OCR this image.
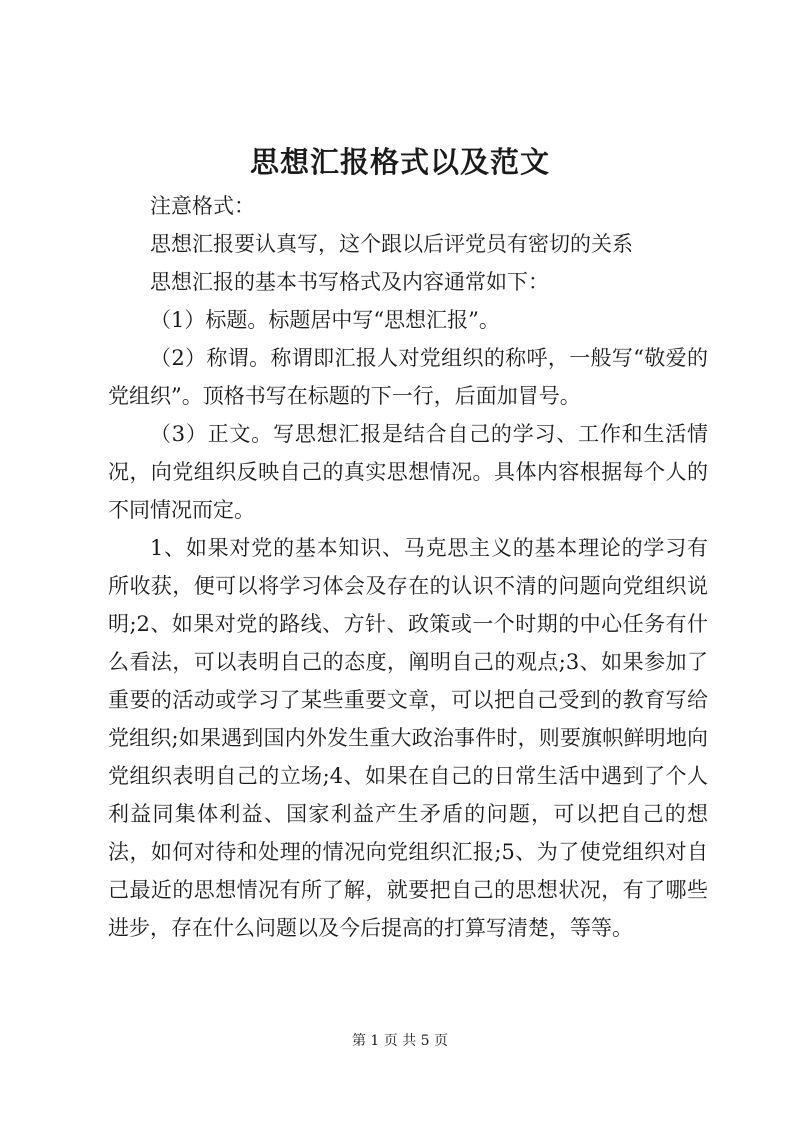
思想汇报格式以及范文

注意格式：

思想汇报要认真写，这个跟以后评党员有密切的关系

思想汇报的基本书写格式及内容通常如下：

（1）标题。标题居中写“思想汇报”。

（2）称谓。称谓即汇报人对党组织的称呼，一般写“敬爱的党组织”。顶格书写在标题的下一行，后面加冒号。

（3）正文。写思想汇报是结合自己的学习、工作和生活情况，向党组织反映自己的真实思想情况。具体内容根据每个人的不同情况而定。

1、如果对党的基本知识、马克思主义的基本理论的学习有所收获，便可以将学习体会及存在的认识不清的问题向党组织说明;2、如果对党的路线、方针、政策或一个时期的中心任务有什么看法，可以表明自己的态度，阐明自己的观点;3、如果参加了重要的活动或学习了某些重要文章，可以把自己受到的教育写给党组织;如果遇到国内外发生重大政治事件时，则要旗帜鲜明地向党组织表明自己的立场;4、如果在自己的日常生活中遇到了个人利益同集体利益、国家利益产生矛盾的问题，可以把自己的想法，如何对待和处理的情况向党组织汇报;5、为了使党组织对自己最近的思想情况有所了解，就要把自己的思想状况，有了哪些进步，存在什么问题以及今后提高的打算写清楚，等等。

第 1 页 共 5 页
